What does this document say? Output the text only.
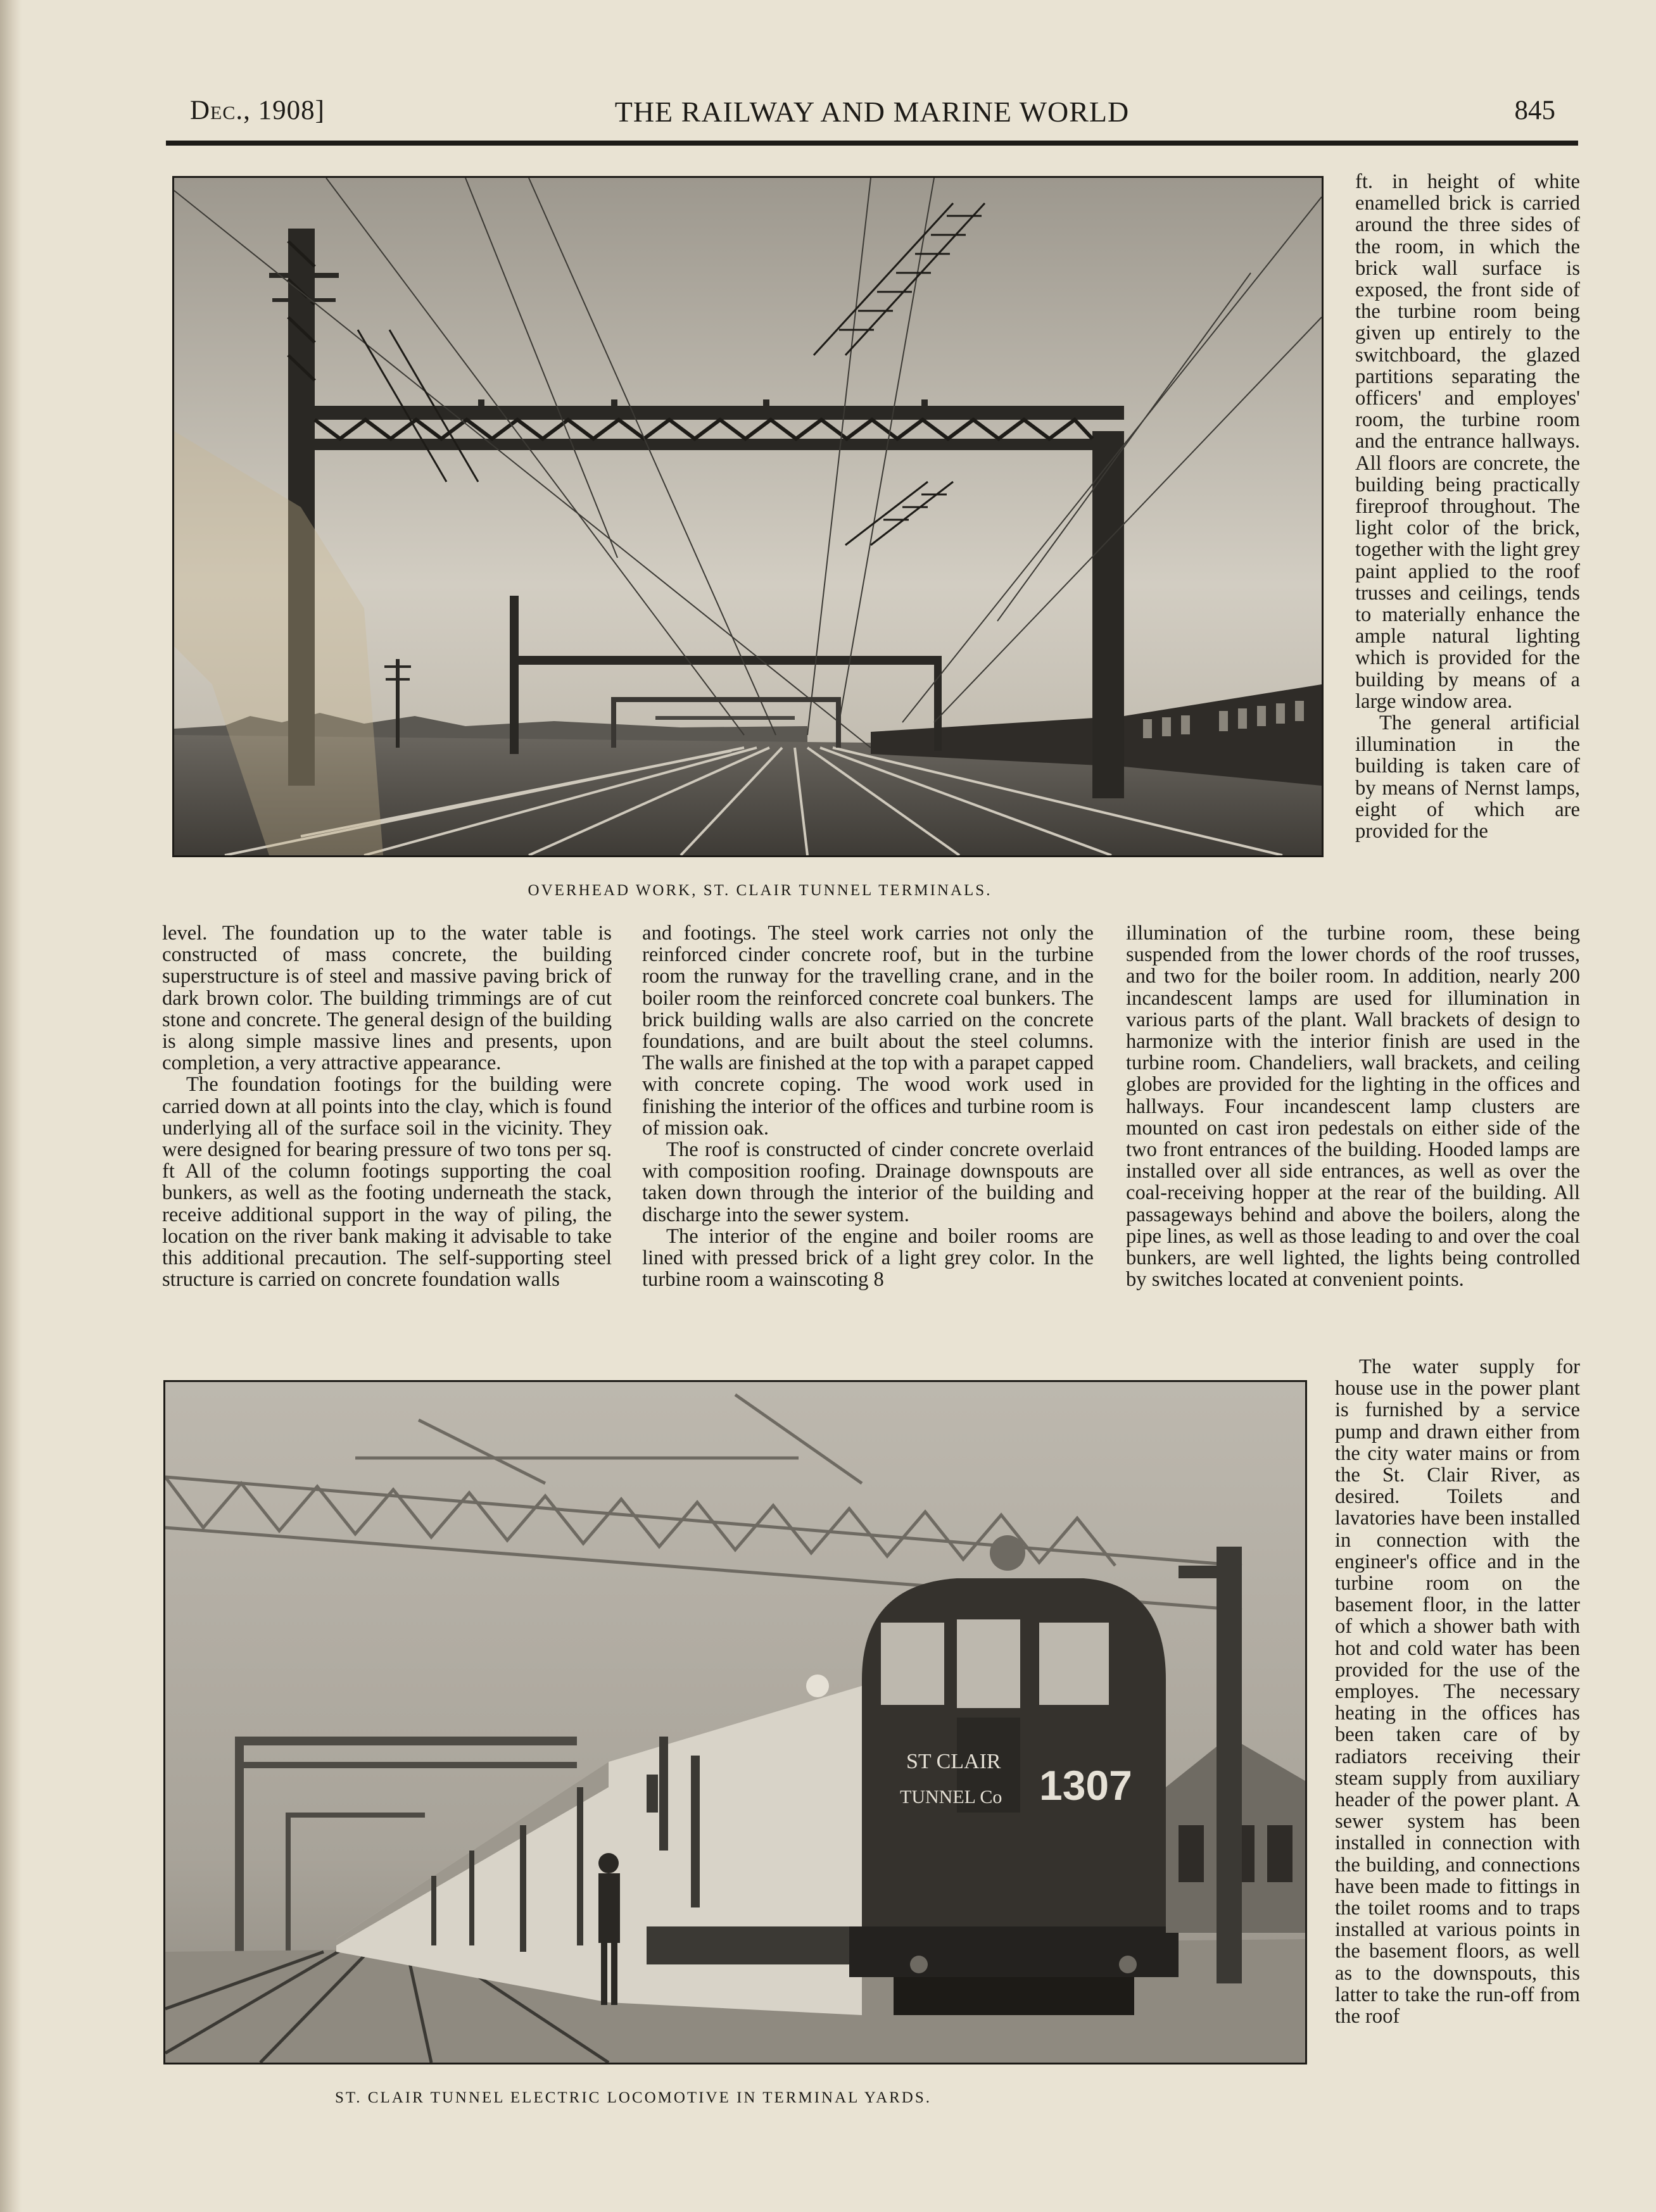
Dec., 1908]	THE RAILWAY AND MARINE WORLD	845
OVERHEAD WORK, ST. CLAIR TUNNEL TERMINALS.

ft. in height of white enamelled brick is carried around the three sides of the room, in which the brick wall surface is exposed, the front side of the turbine room being given up entirely to the switchboard, the glazed partitions separating the officers' and employes' room, the turbine room and the entrance hallways. All floors are concrete, the building being practically fireproof throughout. The light color of the brick, together with the light grey paint applied to the roof trusses and ceilings, tends to materially enhance the ample natural lighting which is provided for the building by means of a large window area.

The general artificial illumination in the building is taken care of by means of Nernst lamps, eight of which are provided for the

level. The foundation up to the water table is constructed of mass concrete, the building superstructure is of steel and massive paving brick of dark brown color. The building trimmings are of cut stone and concrete. The general design of the building is along simple massive lines and presents, upon completion, a very attractive appearance.

The foundation footings for the building were carried down at all points into the clay, which is found underlying all of the surface soil in the vicinity. They were designed for bearing pressure of two tons per sq. ft All of the column footings supporting the coal bunkers, as well as the footing underneath the stack, receive additional support in the way of piling, the location on the river bank making it advisable to take this additional precaution. The self-supporting steel structure is carried on concrete foundation walls

and footings. The steel work carries not only the reinforced cinder concrete roof, but in the turbine room the runway for the travelling crane, and in the boiler room the reinforced concrete coal bunkers. The brick building walls are also carried on the concrete foundations, and are built about the steel columns. The walls are finished at the top with a parapet capped with concrete coping. The wood work used in finishing the interior of the offices and turbine room is of mission oak.

The roof is constructed of cinder concrete overlaid with composition roofing. Drainage downspouts are taken down through the interior of the building and discharge into the sewer system.

The interior of the engine and boiler rooms are lined with pressed brick of a light grey color. In the turbine room a wainscoting 8

illumination of the turbine room, these being suspended from the lower chords of the roof trusses, and two for the boiler room. In addition, nearly 200 incandescent lamps are used for illumination in various parts of the plant. Wall brackets of design to harmonize with the interior finish are used in the turbine room. Chandeliers, wall brackets, and ceiling globes are provided for the lighting in the offices and hallways. Four incandescent lamp clusters are mounted on cast iron pedestals on either side of the two front entrances of the building. Hooded lamps are installed over all side entrances, as well as over the coal-receiving hopper at the rear of the building. All passageways behind and above the boilers, along the pipe lines, as well as those leading to and over the coal bunkers, are well lighted, the lights being controlled by switches located at convenient points.

ST CLAIR
TUNNEL Co 1307
ST. CLAIR TUNNEL ELECTRIC LOCOMOTIVE IN TERMINAL YARDS.

The water supply for house use in the power plant is furnished by a service pump and drawn either from the city water mains or from the St. Clair River, as desired. Toilets and lavatories have been installed in connection with the engineer's office and in the turbine room on the basement floor, in the latter of which a shower bath with hot and cold water has been provided for the use of the employes. The necessary heating in the offices has been taken care of by radiators receiving their steam supply from auxiliary header of the power plant. A sewer system has been installed in connection with the building, and connections have been made to fittings in the toilet rooms and to traps installed at various points in the basement floors, as well as to the downspouts, this latter to take the run-off from the roof
